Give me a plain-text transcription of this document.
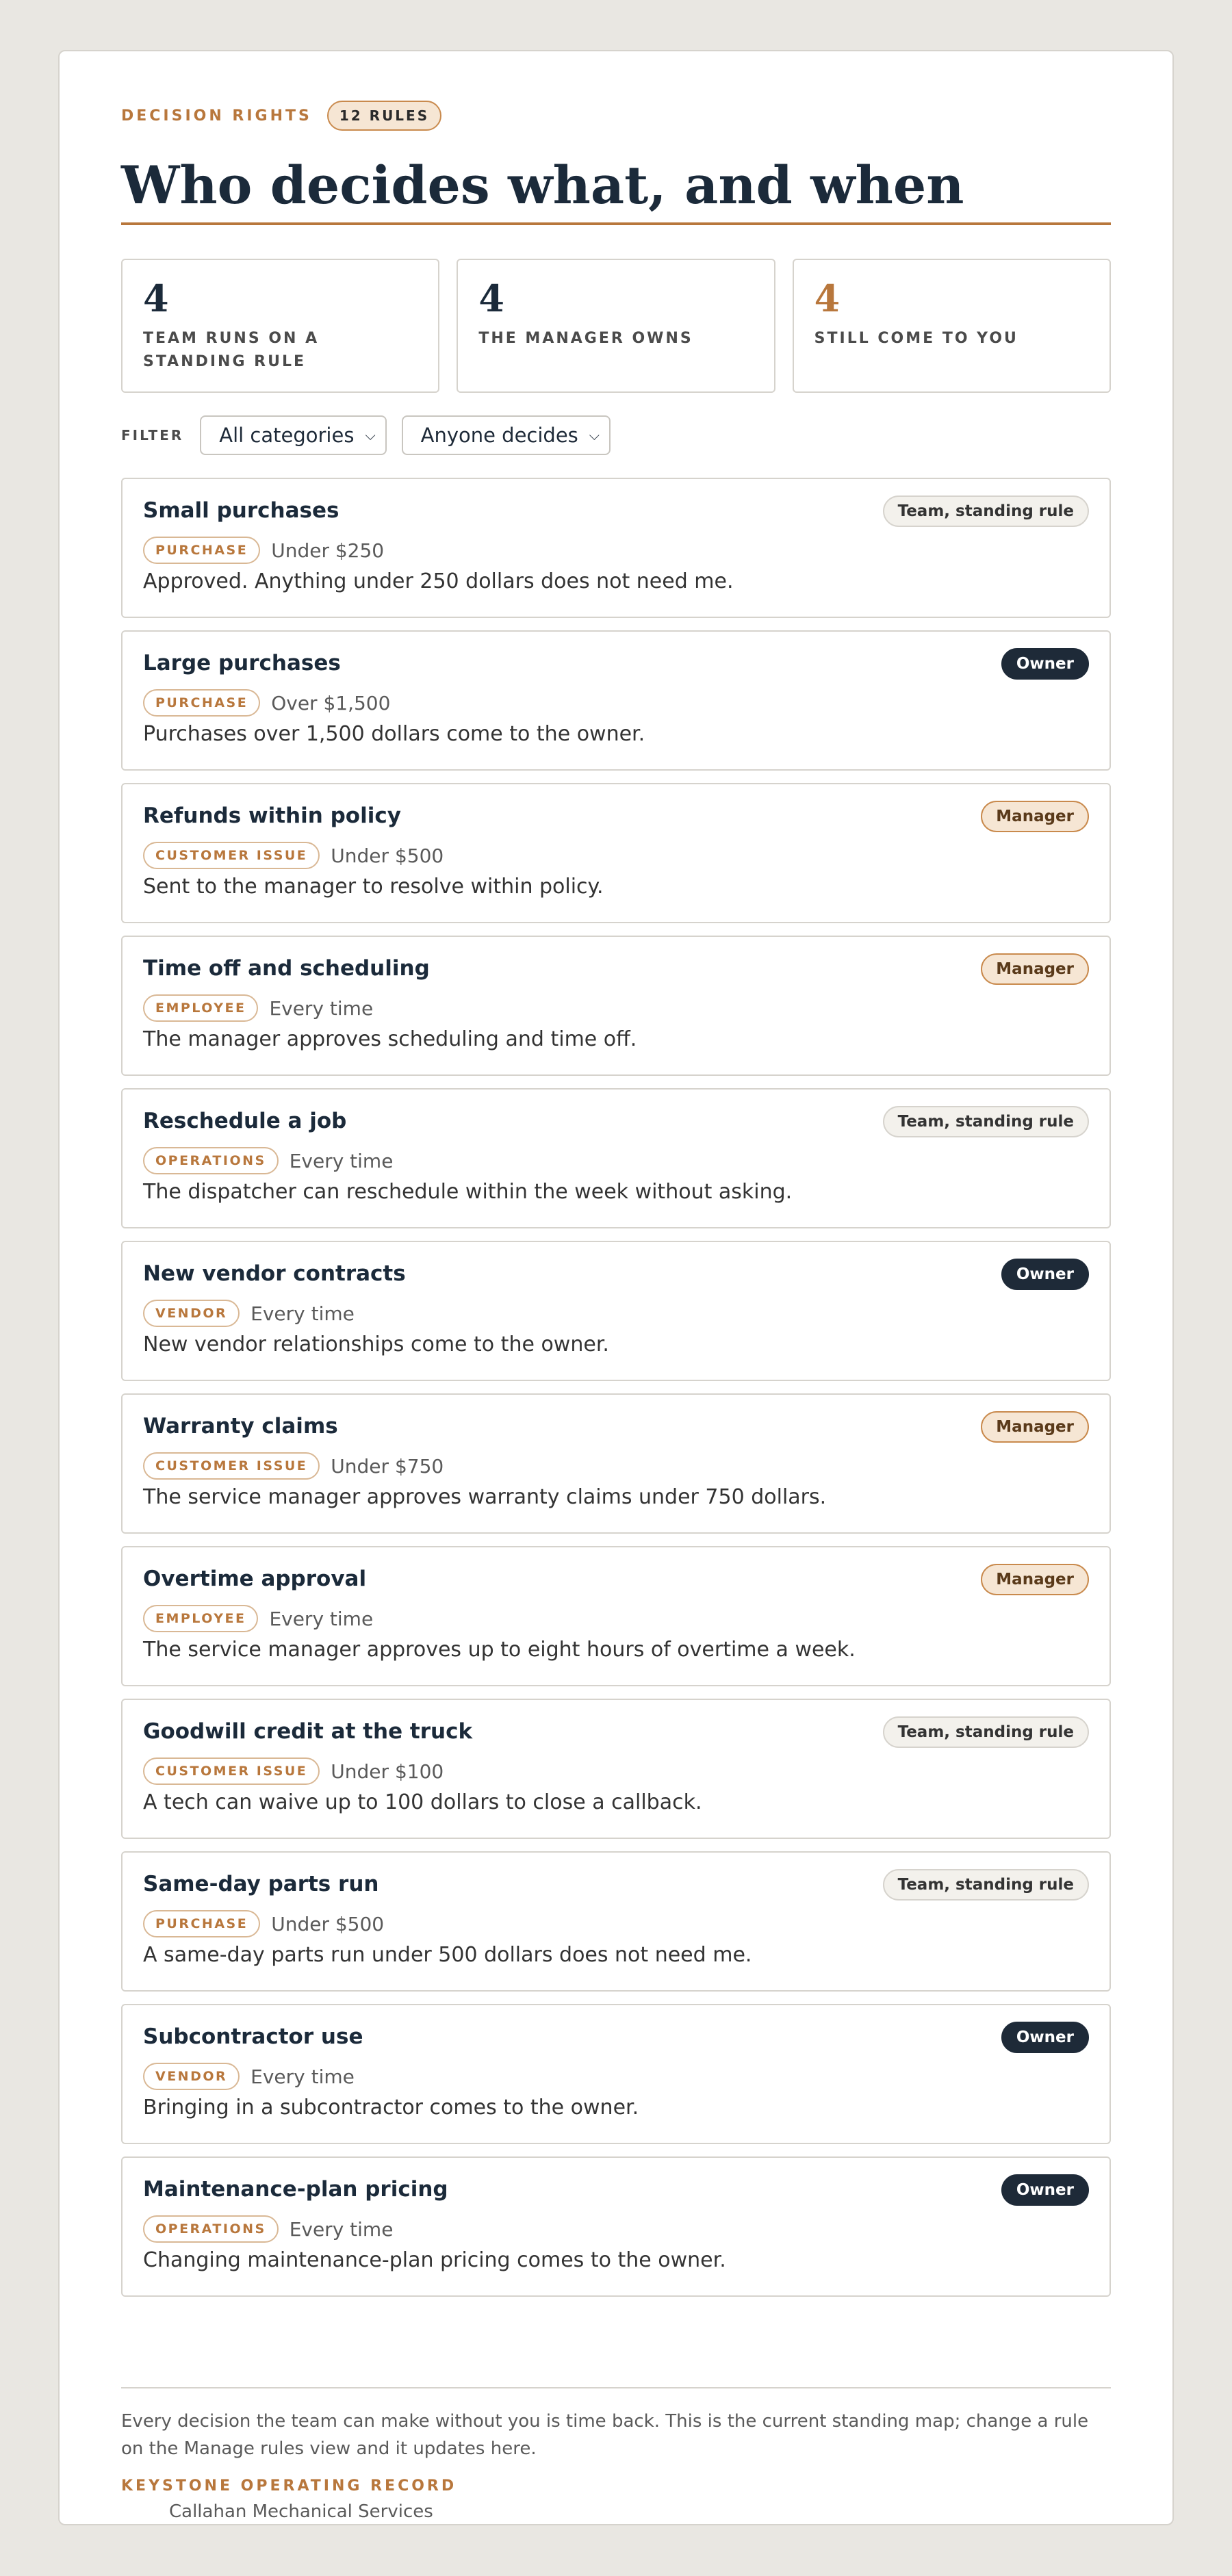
DECISION RIGHTS	12 RULES
Who decides what, and when
4
TEAM RUNS ON A STANDING RULE
4
THE MANAGER OWNS
4
STILL COME TO YOU
FILTER All categories ⌵ Anyone decides ⌵
Small purchases	Team, standing rule
PURCHASE	Under $250
Approved. Anything under 250 dollars does not need me.
Large purchases	Owner
PURCHASE	Over $1,500
Purchases over 1,500 dollars come to the owner.
Refunds within policy	Manager
CUSTOMER ISSUE	Under $500
Sent to the manager to resolve within policy.
Time off and scheduling	Manager
EMPLOYEE	Every time
The manager approves scheduling and time off.
Reschedule a job	Team, standing rule
OPERATIONS	Every time
The dispatcher can reschedule within the week without asking.
New vendor contracts	Owner
VENDOR	Every time
New vendor relationships come to the owner.
Warranty claims	Manager
CUSTOMER ISSUE	Under $750
The service manager approves warranty claims under 750 dollars.
Overtime approval	Manager
EMPLOYEE	Every time
The service manager approves up to eight hours of overtime a week.
Goodwill credit at the truck	Team, standing rule
CUSTOMER ISSUE	Under $100
A tech can waive up to 100 dollars to close a callback.
Same-day parts run	Team, standing rule
PURCHASE	Under $500
A same-day parts run under 500 dollars does not need me.
Subcontractor use	Owner
VENDOR	Every time
Bringing in a subcontractor comes to the owner.
Maintenance-plan pricing	Owner
OPERATIONS	Every time
Changing maintenance-plan pricing comes to the owner.

Every decision the team can make without you is time back. This is the current standing map; change a rule on the Manage rules view and it updates here.

KEYSTONE OPERATING RECORD
Callahan Mechanical Services
